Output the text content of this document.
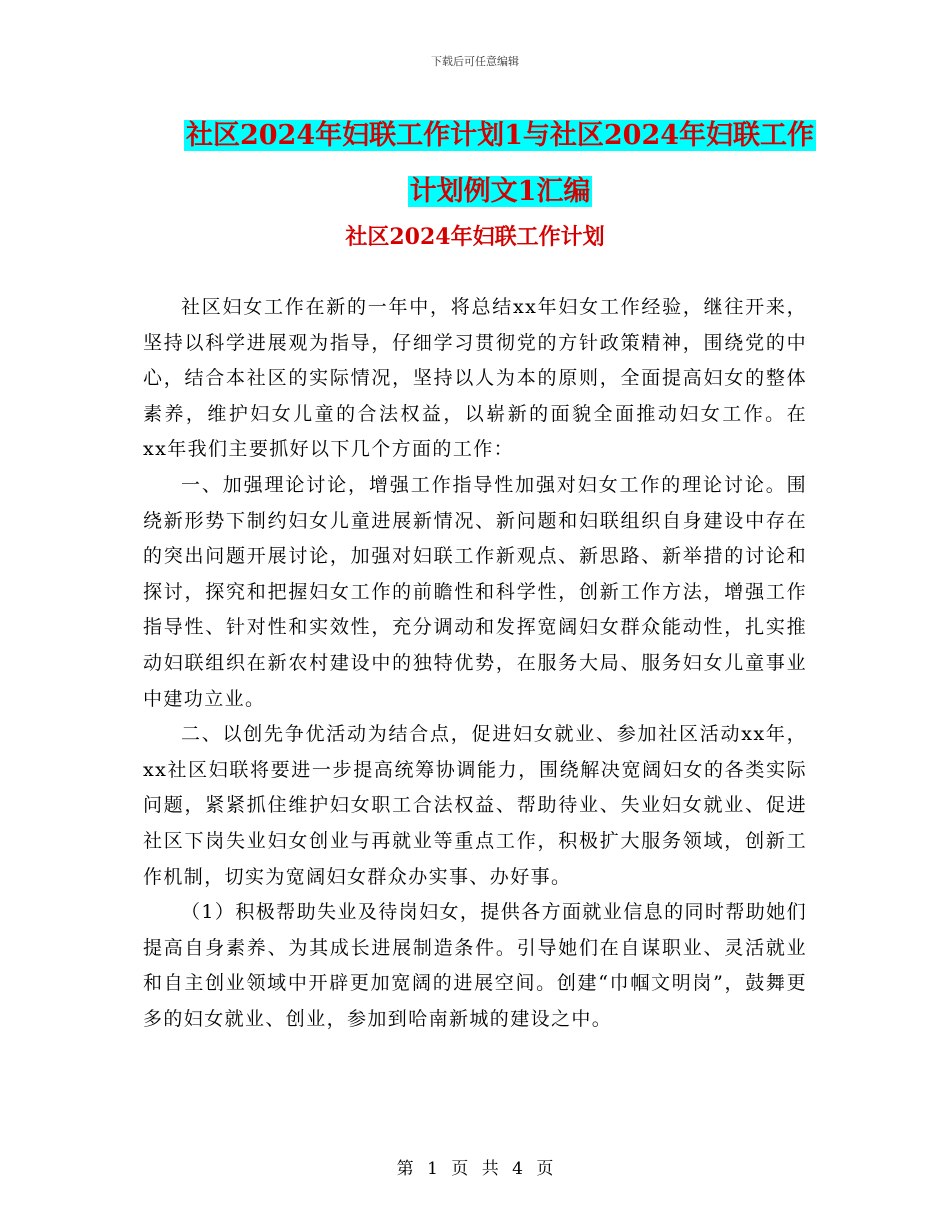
下载后可任意编辑
社区2024年妇联工作计划1与社区2024年妇联工作
计划例文1汇编
社区2024年妇联工作计划

社区妇女工作在新的一年中，将总结xx年妇女工作经验，继往开来，坚持以科学进展观为指导，仔细学习贯彻党的方针政策精神，围绕党的中心，结合本社区的实际情况，坚持以人为本的原则，全面提高妇女的整体素养，维护妇女儿童的合法权益，以崭新的面貌全面推动妇女工作。在 xx年我们主要抓好以下几个方面的工作：

一、加强理论讨论，增强工作指导性加强对妇女工作的理论讨论。围绕新形势下制约妇女儿童进展新情况、新问题和妇联组织自身建设中存在的突出问题开展讨论，加强对妇联工作新观点、新思路、新举措的讨论和探讨，探究和把握妇女工作的前瞻性和科学性，创新工作方法，增强工作指导性、针对性和实效性，充分调动和发挥宽阔妇女群众能动性，扎实推动妇联组织在新农村建设中的独特优势，在服务大局、服务妇女儿童事业中建功立业。

二、以创先争优活动为结合点，促进妇女就业、参加社区活动xx年，xx社区妇联将要进一步提高统筹协调能力，围绕解决宽阔妇女的各类实际问题，紧紧抓住维护妇女职工合法权益、帮助待业、失业妇女就业、促进社区下岗失业妇女创业与再就业等重点工作，积极扩大服务领域，创新工作机制，切实为宽阔妇女群众办实事、办好事。

（1）积极帮助失业及待岗妇女，提供各方面就业信息的同时帮助她们提高自身素养、为其成长进展制造条件。引导她们在自谋职业、灵活就业和自主创业领域中开辟更加宽阔的进展空间。创建“巾帼文明岗”，鼓舞更多的妇女就业、创业，参加到哈南新城的建设之中。

第 1 页 共 4 页
